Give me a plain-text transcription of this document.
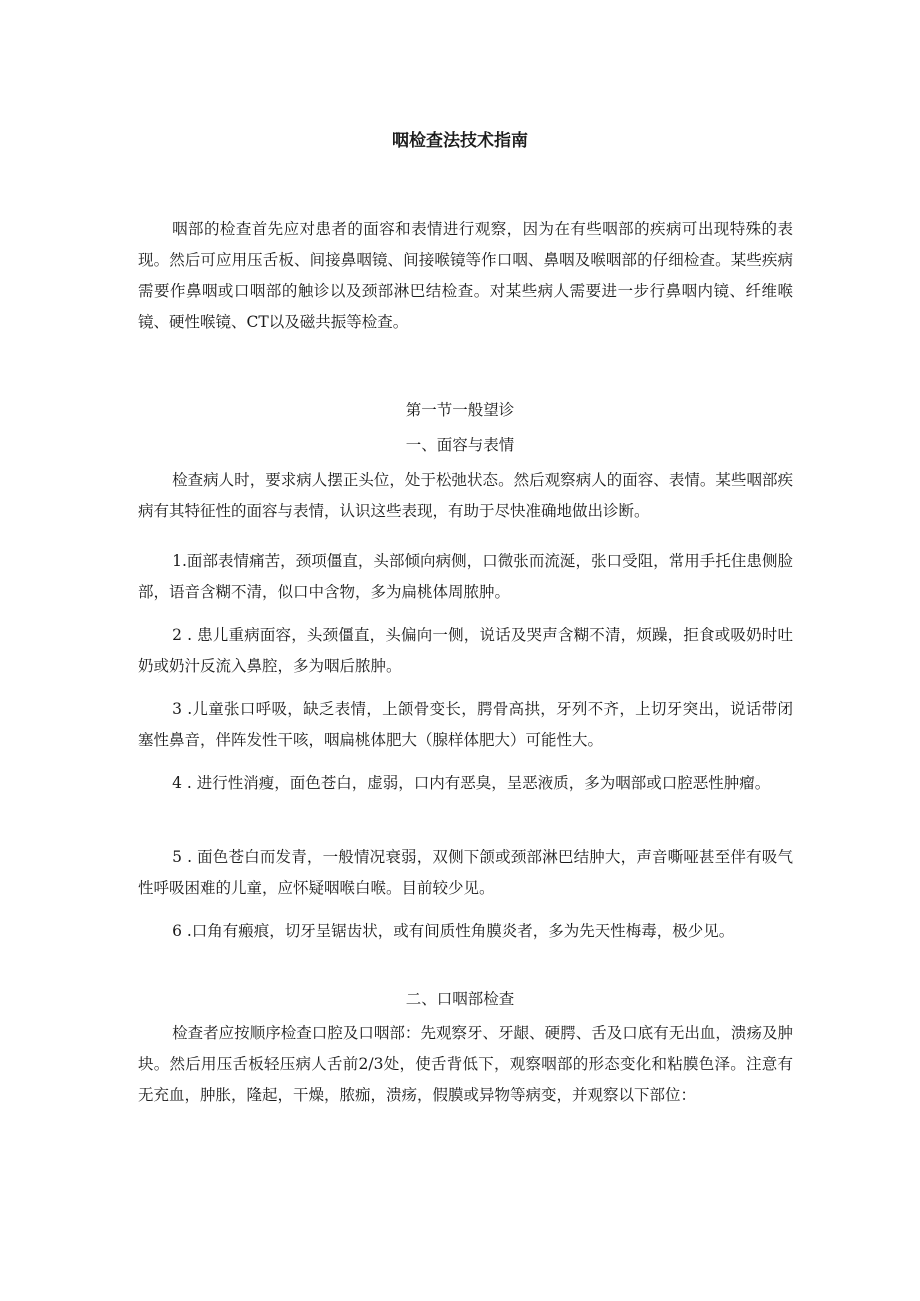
咽检查法技术指南

咽部的检查首先应对患者的面容和表情进行观察，因为在有些咽部的疾病可出现特殊的表现。然后可应用压舌板、间接鼻咽镜、间接喉镜等作口咽、鼻咽及喉咽部的仔细检查。某些疾病需要作鼻咽或口咽部的触诊以及颈部淋巴结检查。对某些病人需要进一步行鼻咽内镜、纤维喉镜、硬性喉镜、CT以及磁共振等检查。

第一节一般望诊
一、面容与表情

检查病人时，要求病人摆正头位，处于松弛状态。然后观察病人的面容、表情。某些咽部疾病有其特征性的面容与表情，认识这些表现，有助于尽快准确地做出诊断。

1.面部表情痛苦，颈项僵直，头部倾向病侧，口微张而流涎，张口受阻，常用手托住患侧脸部，语音含糊不清，似口中含物，多为扁桃体周脓肿。

2 . 患儿重病面容，头颈僵直，头偏向一侧，说话及哭声含糊不清，烦躁，拒食或吸奶时吐奶或奶汁反流入鼻腔，多为咽后脓肿。

3 .儿童张口呼吸，缺乏表情，上颌骨变长，腭骨高拱，牙列不齐，上切牙突出，说话带闭塞性鼻音，伴阵发性干咳，咽扁桃体肥大（腺样体肥大）可能性大。

4 . 进行性消瘦，面色苍白，虚弱，口内有恶臭，呈恶液质，多为咽部或口腔恶性肿瘤。

5 . 面色苍白而发青，一般情况衰弱，双侧下颌或颈部淋巴结肿大，声音嘶哑甚至伴有吸气性呼吸困难的儿童，应怀疑咽喉白喉。目前较少见。

6 .口角有瘢痕，切牙呈锯齿状，或有间质性角膜炎者，多为先天性梅毒，极少见。

二、口咽部检查

检查者应按顺序检查口腔及口咽部：先观察牙、牙龈、硬腭、舌及口底有无出血，溃疡及肿块。然后用压舌板轻压病人舌前2/3处，使舌背低下，观察咽部的形态变化和粘膜色泽。注意有无充血，肿胀，隆起，干燥，脓痂，溃疡，假膜或异物等病变，并观察以下部位：
